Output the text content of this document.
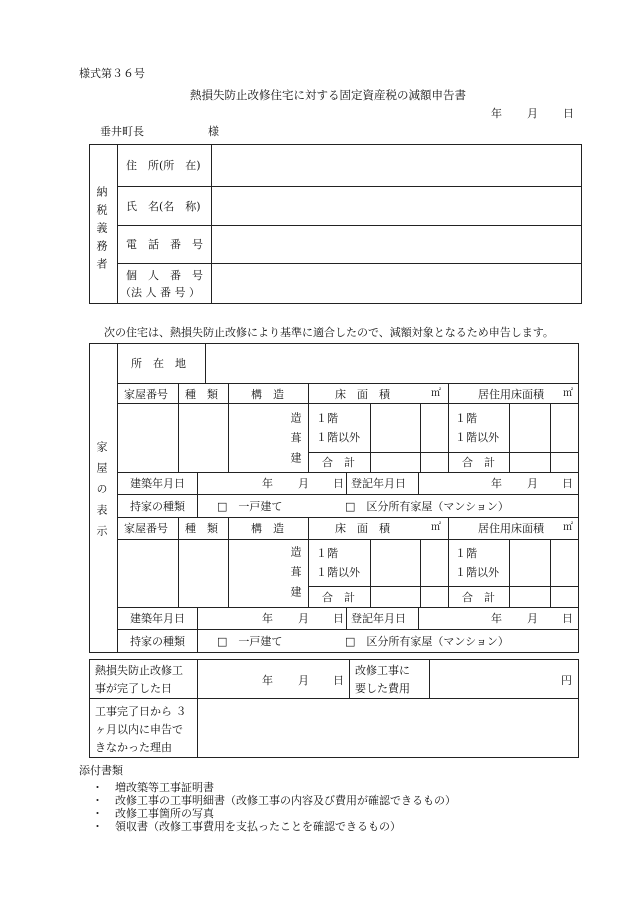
様式第３６号
熱損失防止改修住宅に対する固定資産税の減額申告書
年 月 日
垂井町長	様
納税義務者
住　所(所　在)
氏　名(名　称)
電　話　番　号
個　人　番　号
（法 人 番 号 ）
次の住宅は、熱損失防止改修により基準に適合したので、減額対象となるため申告します。
家屋の表示
所　在　地
家屋番号 種　類	構　造	床　面　積	㎡	居住用床面積 ㎡
造葺建 １階
１階以外
合　計
１階
１階以外
合　計
建築年月日	年 月 日 登記年月日	年 月 日
持家の種類	□　一戸建て	□　区分所有家屋（マンション）
家屋番号 種　類	構　造	床　面　積	㎡	居住用床面積 ㎡
造葺建 １階
１階以外
合　計
１階
１階以外
合　計
建築年月日	年 月 日 登記年月日	年 月 日
持家の種類	□　一戸建て	□　区分所有家屋（マンション）
熱損失防止改修工
事が完了した日
年 月 日
改修工事に
要した費用
円
工事完了日から ３
ヶ月以内に申告で
きなかった理由
添付書類
・ 増改築等工事証明書
・ 改修工事の工事明細書（改修工事の内容及び費用が確認できるもの）
・ 改修工事箇所の写真
・ 領収書（改修工事費用を支払ったことを確認できるもの）
